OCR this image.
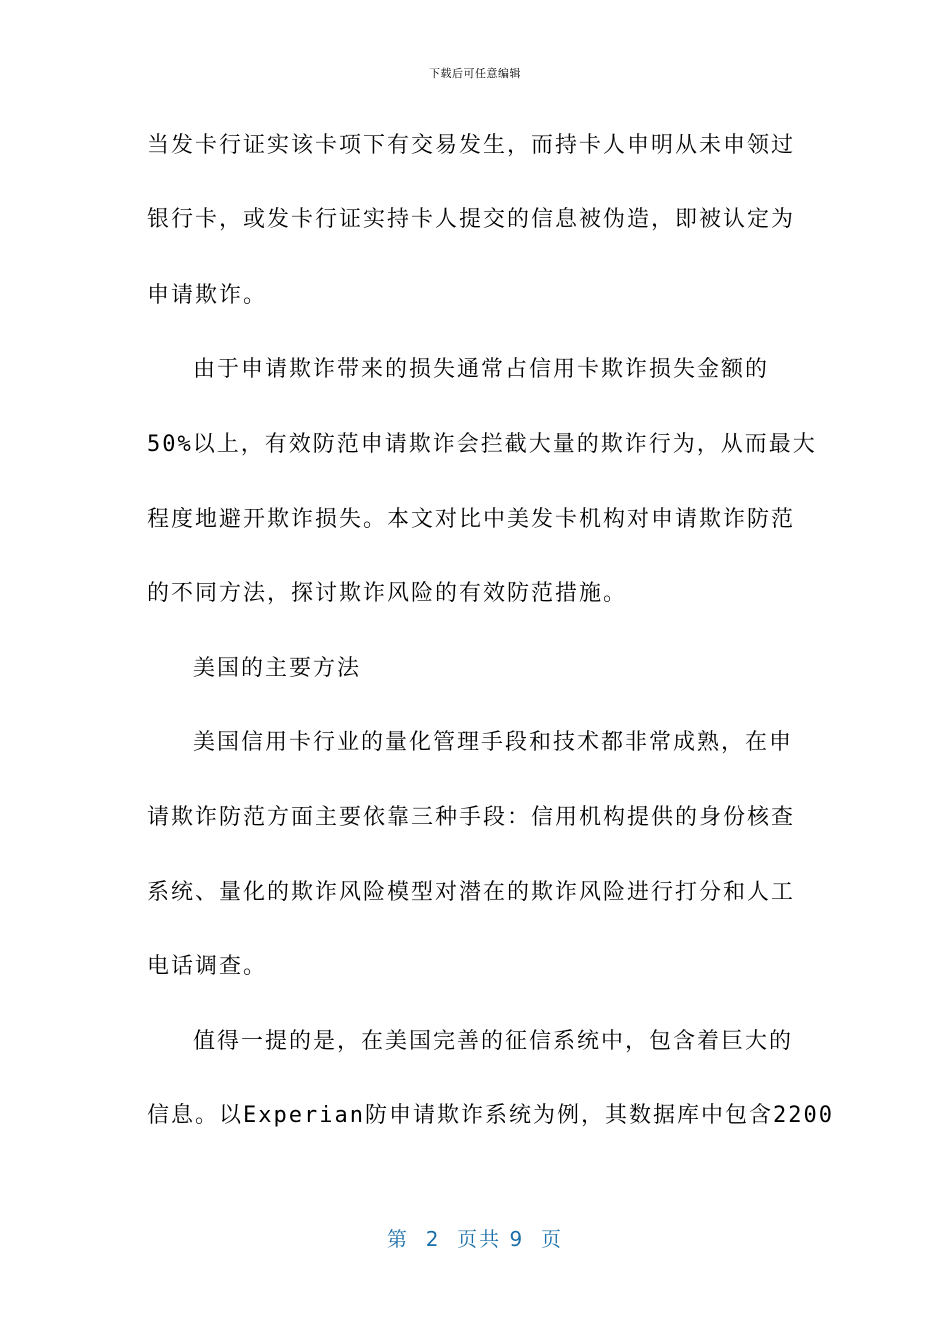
下载后可任意编辑
当发卡行证实该卡项下有交易发生，而持卡人申明从未申领过
银行卡，或发卡行证实持卡人提交的信息被伪造，即被认定为
申请欺诈。
由于申请欺诈带来的损失通常占信用卡欺诈损失金额的
50%以上，有效防范申请欺诈会拦截大量的欺诈行为，从而最大
程度地避开欺诈损失。本文对比中美发卡机构对申请欺诈防范
的不同方法，探讨欺诈风险的有效防范措施。
美国的主要方法
美国信用卡行业的量化管理手段和技术都非常成熟，在申
请欺诈防范方面主要依靠三种手段：信用机构提供的身份核查
系统、量化的欺诈风险模型对潜在的欺诈风险进行打分和人工
电话调查。
值得一提的是，在美国完善的征信系统中，包含着巨大的
信息。以Experian防申请欺诈系统为例，其数据库中包含2200
第  2  页共 9  页
